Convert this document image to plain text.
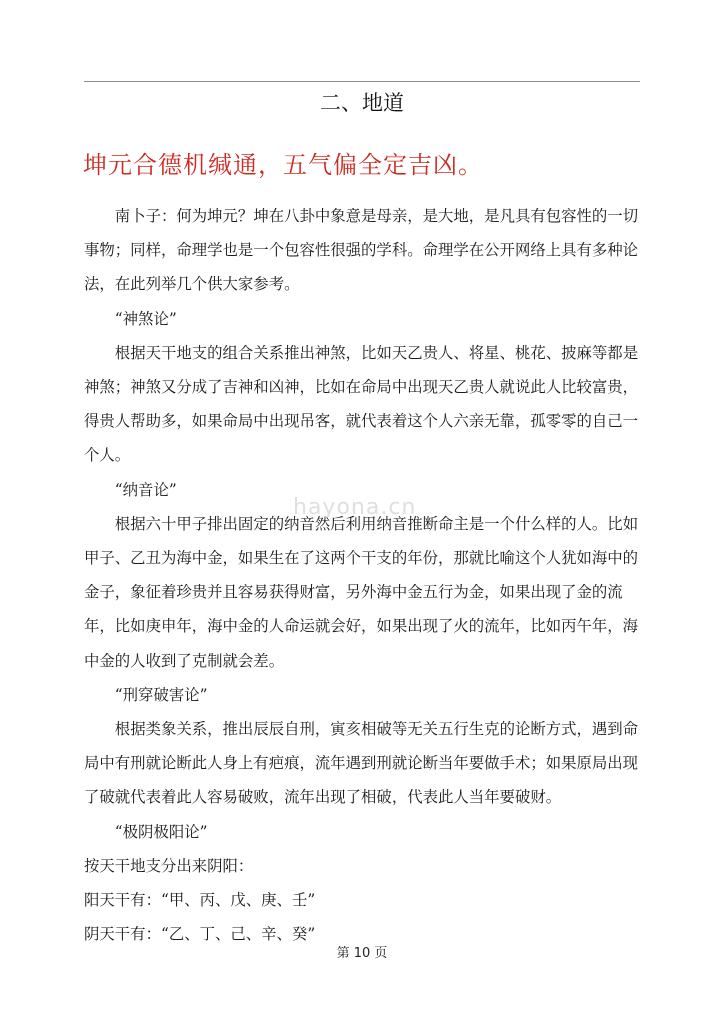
二、地道
坤元合德机缄通，五气偏全定吉凶。

南卜子：何为坤元？坤在八卦中象意是母亲，是大地，是凡具有包容性的一切事物；同样，命理学也是一个包容性很强的学科。命理学在公开网络上具有多种论法，在此列举几个供大家参考。

“神煞论”

根据天干地支的组合关系推出神煞，比如天乙贵人、将星、桃花、披麻等都是神煞；神煞又分成了吉神和凶神，比如在命局中出现天乙贵人就说此人比较富贵，得贵人帮助多，如果命局中出现吊客，就代表着这个人六亲无靠，孤零零的自己一个人。

“纳音论”

根据六十甲子排出固定的纳音然后利用纳音推断命主是一个什么样的人。比如甲子、乙丑为海中金，如果生在了这两个干支的年份，那就比喻这个人犹如海中的金子，象征着珍贵并且容易获得财富，另外海中金五行为金，如果出现了金的流年，比如庚申年，海中金的人命运就会好，如果出现了火的流年，比如丙午年，海中金的人收到了克制就会差。

“刑穿破害论”

根据类象关系，推出辰辰自刑，寅亥相破等无关五行生克的论断方式，遇到命局中有刑就论断此人身上有疤痕，流年遇到刑就论断当年要做手术；如果原局出现了破就代表着此人容易破败，流年出现了相破，代表此人当年要破财。

“极阴极阳论”

按天干地支分出来阴阳：

阳天干有：“甲、丙、戊、庚、壬”

阴天干有：“乙、丁、己、辛、癸”

hayona.cn
第 10 页
